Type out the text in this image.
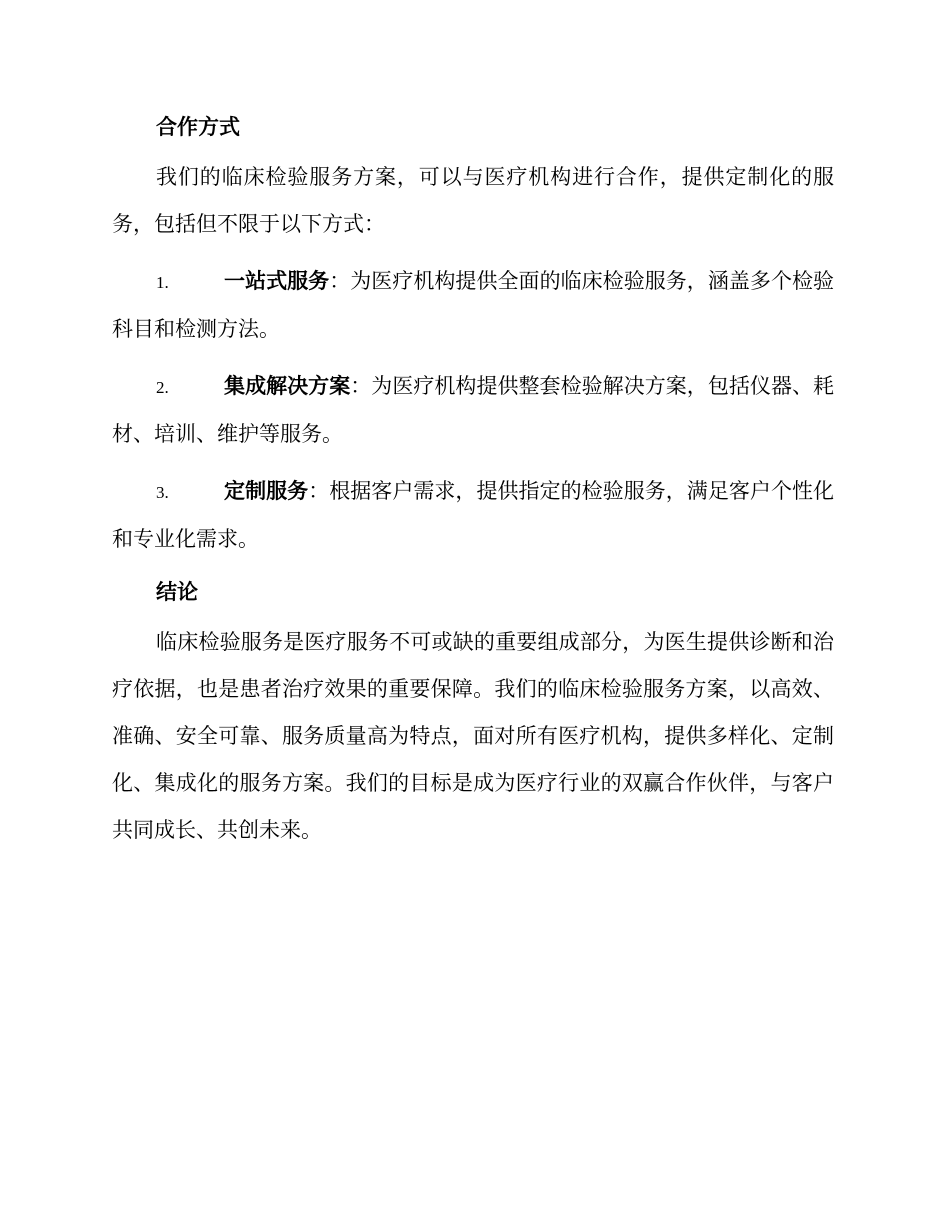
合作方式

我们的临床检验服务方案，可以与医疗机构进行合作，提供定制化的服务，包括但不限于以下方式：

1.	一站式服务：为医疗机构提供全面的临床检验服务，涵盖多个检验科目和检测方法。

2.	集成解决方案：为医疗机构提供整套检验解决方案，包括仪器、耗材、培训、维护等服务。

3.	定制服务：根据客户需求，提供指定的检验服务，满足客户个性化和专业化需求。

结论

临床检验服务是医疗服务不可或缺的重要组成部分，为医生提供诊断和治疗依据，也是患者治疗效果的重要保障。我们的临床检验服务方案，以高效、准确、安全可靠、服务质量高为特点，面对所有医疗机构，提供多样化、定制化、集成化的服务方案。我们的目标是成为医疗行业的双赢合作伙伴，与客户共同成长、共创未来。
